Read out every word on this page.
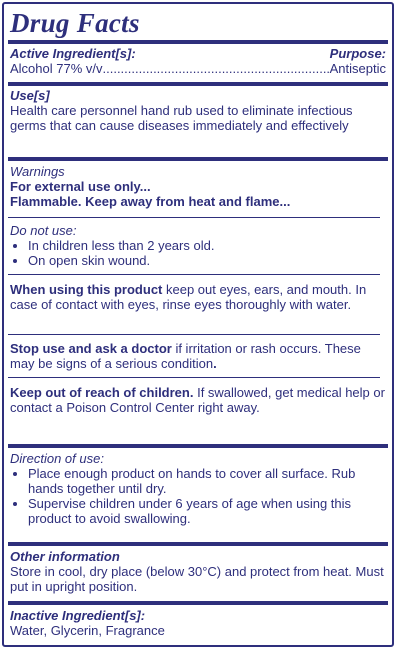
Drug Facts
Active Ingredient[s]:	Purpose:
Alcohol 77% v/v
.....	Antiseptic
Use[s]
Health care personnel hand rub used to eliminate infectious germs that can cause diseases immediately and effectively
Warnings
For external use only...
Flammable. Keep away from heat and flame...
Do not use:
• In children less than 2 years old.
• On open skin wound.
When using this product keep out eyes, ears, and mouth. In case of contact with eyes, rinse eyes thoroughly with water.
Stop use and ask a doctor if irritation or rash occurs. These may be signs of a serious condition.
Keep out of reach of children. If swallowed, get medical help or contact a Poison Control Center right away.
Direction of use:
• Place enough product on hands to cover all surface. Rub hands together until dry.
• Supervise children under 6 years of age when using this product to avoid swallowing.
Other information
Store in cool, dry place (below 30°C) and protect from heat. Must put in upright position.
Inactive Ingredient[s]:
Water, Glycerin, Fragrance
